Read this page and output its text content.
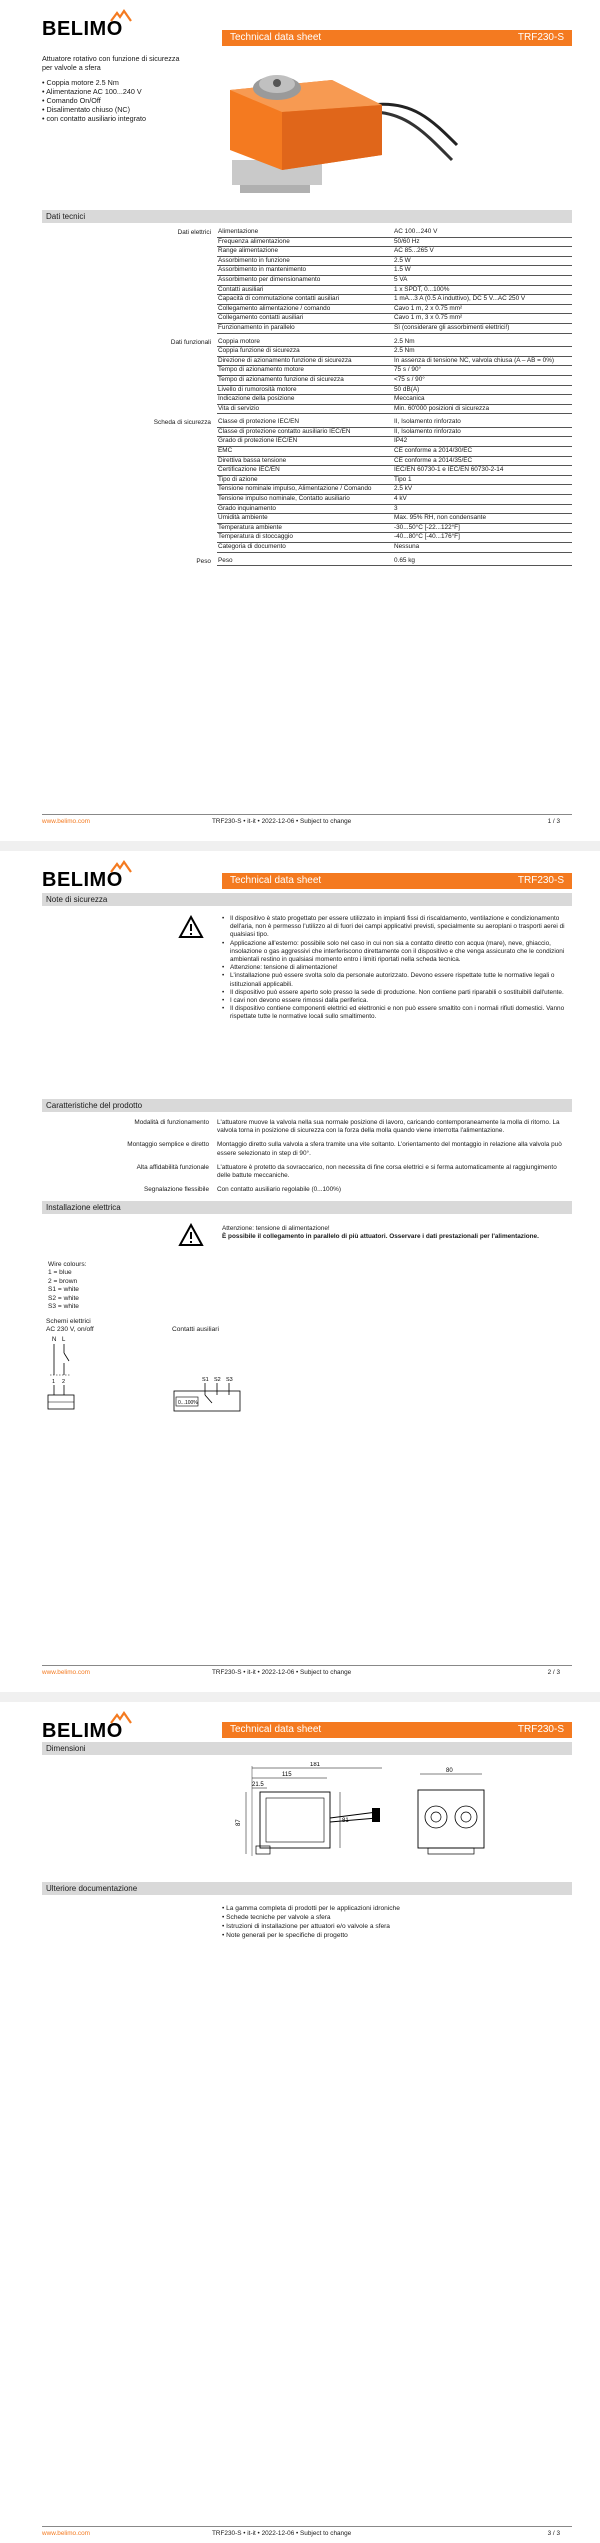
BELIMO	Technical data sheet	TRF230-S
Attuatore rotativo con funzione di sicurezza
per valvole a sfera
• Coppia motore 2.5 Nm
• Alimentazione AC 100...240 V
• Comando On/Off
• Disalimentato chiuso (NC)
• con contatto ausiliario integrato
Dati tecnici
Dati elettrici	Alimentazione	AC 100...240 V
Frequenza alimentazione	50/60 Hz
Range alimentazione	AC 85...265 V
Assorbimento in funzione	2.5 W
Assorbimento in mantenimento	1.5 W
Assorbimento per dimensionamento	5 VA
Contatti ausiliari	1 x SPDT, 0...100%
Capacità di commutazione contatti ausiliari	1 mA...3 A (0.5 A induttivo), DC 5 V...AC 250 V
Collegamento alimentazione / comando	Cavo 1 m, 2 x 0.75 mm²
Collegamento contatti ausiliari	Cavo 1 m, 3 x 0.75 mm²
Funzionamento in parallelo	Sì (considerare gli assorbimenti elettrici!)
Dati funzionali	Coppia motore	2.5 Nm
Coppia funzione di sicurezza	2.5 Nm
Direzione di azionamento funzione di sicurezza	In assenza di tensione NC, valvola chiusa (A – AB = 0%)
Tempo di azionamento motore	75 s / 90°
Tempo di azionamento funzione di sicurezza	<75 s / 90°
Livello di rumorosità motore	50 dB(A)
Indicazione della posizione	Meccanica
Vita di servizio	Min. 60'000 posizioni di sicurezza
Scheda di sicurezza	Classe di protezione IEC/EN	II, Isolamento rinforzato
Classe di protezione contatto ausiliario IEC/EN	II, Isolamento rinforzato
Grado di protezione IEC/EN	IP42
EMC	CE conforme a 2014/30/EC
Direttiva bassa tensione	CE conforme a 2014/35/EC
Certificazione IEC/EN	IEC/EN 60730-1 e IEC/EN 60730-2-14
Tipo di azione	Tipo 1
Tensione nominale impulso, Alimentazione / Comando	2.5 kV
Tensione impulso nominale, Contatto ausiliario	4 kV
Grado inquinamento	3
Umidità ambiente	Max. 95% RH, non condensante
Temperatura ambiente	-30...50°C [-22...122°F]
Temperatura di stoccaggio	-40...80°C [-40...176°F]
Categoria di documento	Nessuna
Peso	Peso	0.65 kg
www.belimo.com	TRF230-S • it-it • 2022-12-06 • Subject to change	1 / 3
BELIMO	Technical data sheet	TRF230-S
Note di sicurezza
• Il dispositivo è stato progettato per essere utilizzato in impianti fissi di riscaldamento, ventilazione e condizionamento dell'aria, non è permesso l'utilizzo al di fuori dei campi applicativi previsti, specialmente su aeroplani o trasporti aerei di qualsiasi tipo.
• Applicazione all'esterno: possibile solo nel caso in cui non sia a contatto diretto con acqua (mare), neve, ghiaccio, insolazione o gas aggressivi che interferiscono direttamente con il dispositivo e che venga assicurato che le condizioni ambientali restino in qualsiasi momento entro i limiti riportati nella scheda tecnica.
• Attenzione: tensione di alimentazione!
• L'installazione può essere svolta solo da personale autorizzato. Devono essere rispettate tutte le normative legali o istituzionali applicabili.
• Il dispositivo può essere aperto solo presso la sede di produzione. Non contiene parti riparabili o sostituibili dall'utente.
• I cavi non devono essere rimossi dalla periferica.
• Il dispositivo contiene componenti elettrici ed elettronici e non può essere smaltito con i normali rifiuti domestici. Vanno rispettate tutte le normative locali sullo smaltimento.
Caratteristiche del prodotto
Modalità di funzionamento	L'attuatore muove la valvola nella sua normale posizione di lavoro, caricando contemporaneamente la molla di ritorno. La valvola torna in posizione di sicurezza con la forza della molla quando viene interrotta l'alimentazione.
Montaggio semplice e diretto	Montaggio diretto sulla valvola a sfera tramite una vite soltanto. L'orientamento del montaggio in relazione alla valvola può essere selezionato in step di 90°.
Alta affidabilità funzionale	L'attuatore è protetto da sovraccarico, non necessita di fine corsa elettrici e si ferma automaticamente al raggiungimento delle battute meccaniche.
Segnalazione flessibile	Con contatto ausiliario regolabile (0...100%)
Installazione elettrica
Attenzione: tensione di alimentazione!
È possibile il collegamento in parallelo di più attuatori. Osservare i dati prestazionali per l'alimentazione.
Wire colours:
1 = blue
2 = brown
S1 = white
S2 = white
S3 = white
Schemi elettrici
AC 230 V, on/off	Contatti ausiliari
N L
1 2	S1 S2 S3
0...100%
www.belimo.com	TRF230-S • it-it • 2022-12-06 • Subject to change	2 / 3
BELIMO	Technical data sheet	TRF230-S
Dimensioni
181
115
21.5
87	81
80
Ulteriore documentazione
• La gamma completa di prodotti per le applicazioni idroniche
• Schede tecniche per valvole a sfera
• Istruzioni di installazione per attuatori e/o valvole a sfera
• Note generali per le specifiche di progetto
www.belimo.com	TRF230-S • it-it • 2022-12-06 • Subject to change	3 / 3
